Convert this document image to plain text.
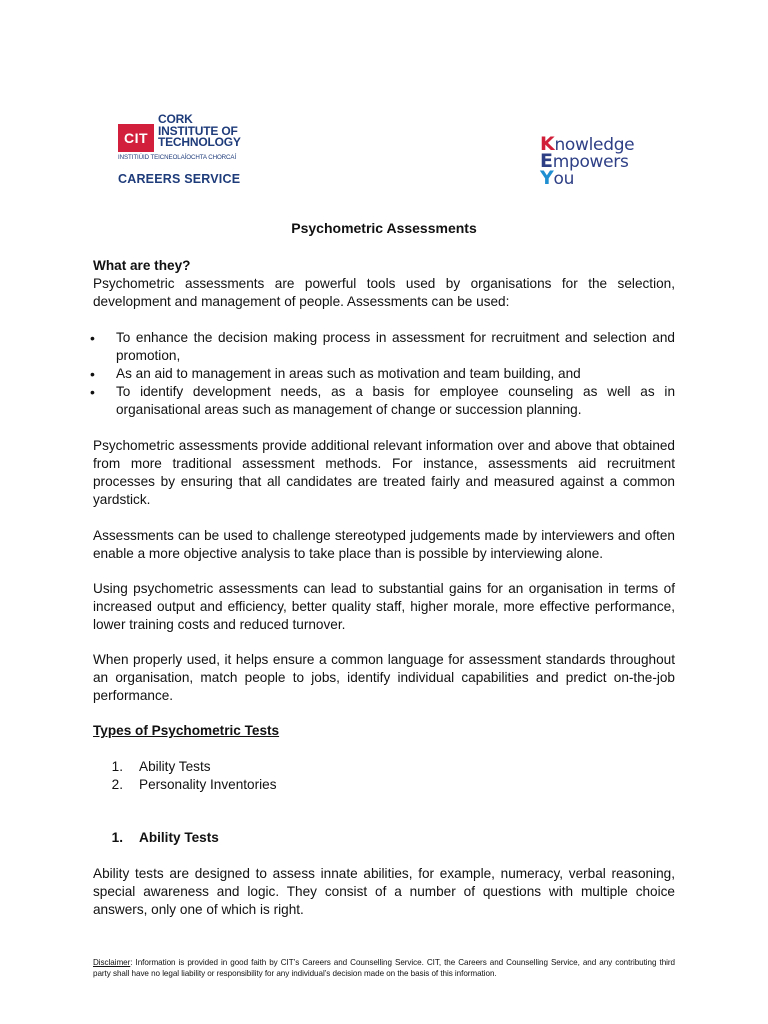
CIT
CORK
INSTITUTE OF
TECHNOLOGY
INSTITIÚID TEICNEOLAÍOCHTA CHORCAÍ
CAREERS SERVICE
Knowledge
Empowers
You
Psychometric Assessments
What are they?
Psychometric assessments are powerful tools used by organisations for the selection, development and management of people. Assessments can be used:
• To enhance the decision making process in assessment for recruitment and selection and promotion,
• As an aid to management in areas such as motivation and team building, and
• To identify development needs, as a basis for employee counseling as well as in organisational areas such as management of change or succession planning.
Psychometric assessments provide additional relevant information over and above that obtained from more traditional assessment methods. For instance, assessments aid recruitment processes by ensuring that all candidates are treated fairly and measured against a common yardstick.
Assessments can be used to challenge stereotyped judgements made by interviewers and often enable a more objective analysis to take place than is possible by interviewing alone.
Using psychometric assessments can lead to substantial gains for an organisation in terms of increased output and efficiency, better quality staff, higher morale, more effective performance, lower training costs and reduced turnover.
When properly used, it helps ensure a common language for assessment standards throughout an organisation, match people to jobs, identify individual capabilities and predict on-the-job performance.
Types of Psychometric Tests
1. Ability Tests
2. Personality Inventories
1. Ability Tests
Ability tests are designed to assess innate abilities, for example, numeracy, verbal reasoning, special awareness and logic. They consist of a number of questions with multiple choice answers, only one of which is right.
Disclaimer: Information is provided in good faith by CIT’s Careers and Counselling Service. CIT, the Careers and Counselling Service, and any contributing third party shall have no legal liability or responsibility for any individual’s decision made on the basis of this information.
